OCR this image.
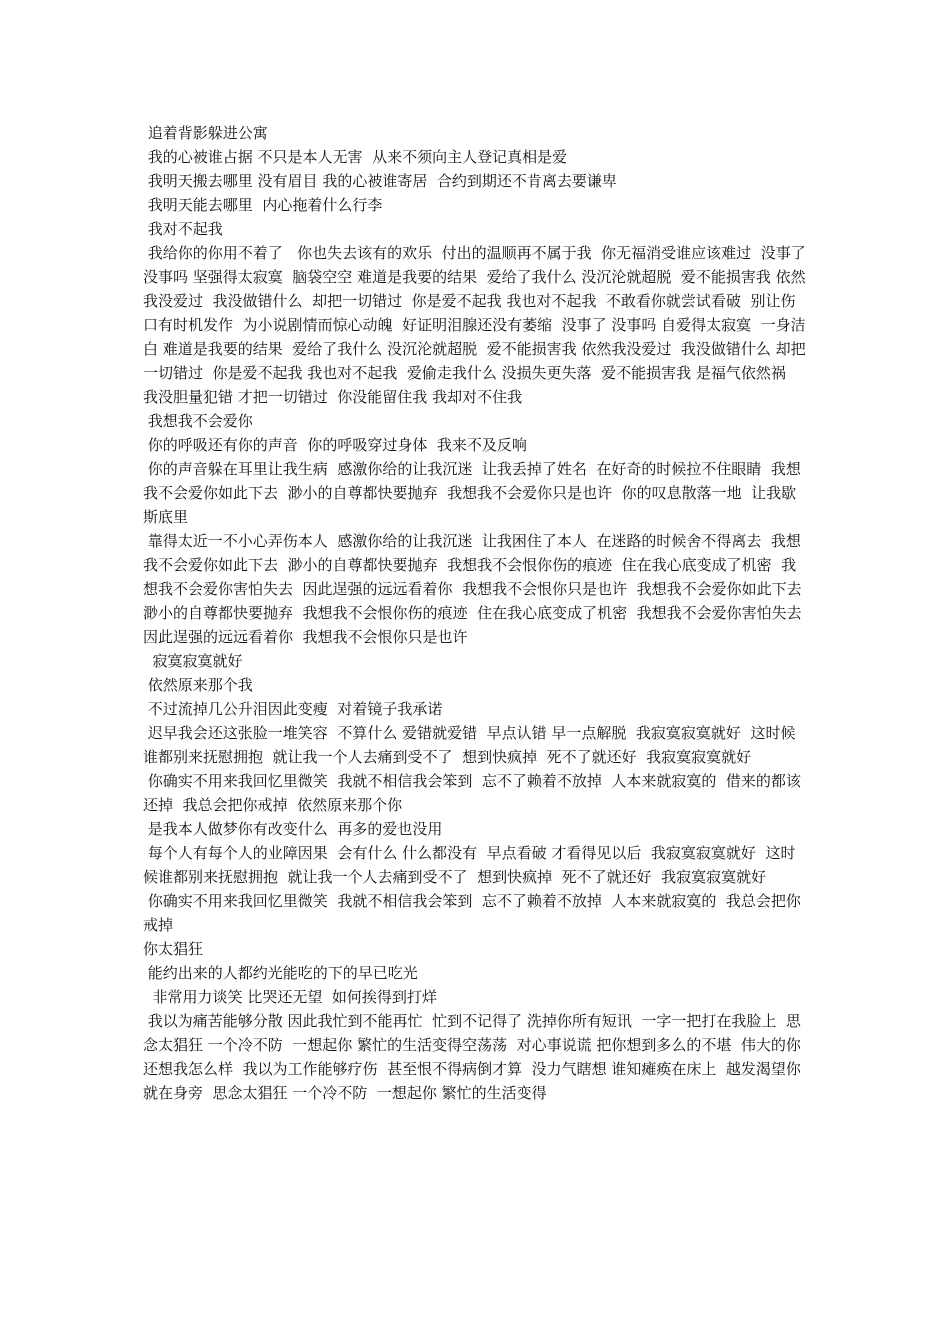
追着背影躲进公寓

我的心被谁占据 不只是本人无害  从来不须向主人登记真相是爱

我明天搬去哪里 没有眉目 我的心被谁寄居  合约到期还不肯离去要谦卑

我明天能去哪里  内心拖着什么行李

我对不起我

我给你的你用不着了   你也失去该有的欢乐  付出的温顺再不属于我  你无福消受谁应该难过  没事了 没事吗 坚强得太寂寞  脑袋空空 难道是我要的结果  爱给了我什么 没沉沦就超脱  爱不能损害我 依然我没爱过  我没做错什么  却把一切错过  你是爱不起我 我也对不起我  不敢看你就尝试看破  别让伤口有时机发作  为小说剧情而惊心动魄  好证明泪腺还没有萎缩  没事了 没事吗 自爱得太寂寞  一身洁白 难道是我要的结果  爱给了我什么 没沉沦就超脱  爱不能损害我 依然我没爱过  我没做错什么 却把一切错过  你是爱不起我 我也对不起我  爱偷走我什么 没损失更失落  爱不能损害我 是福气依然祸  我没胆量犯错 才把一切错过  你没能留住我 我却对不住我

我想我不会爱你

你的呼吸还有你的声音  你的呼吸穿过身体  我来不及反响

你的声音躲在耳里让我生病  感激你给的让我沉迷  让我丢掉了姓名  在好奇的时候拉不住眼睛  我想我不会爱你如此下去  渺小的自尊都快要抛弃  我想我不会爱你只是也许  你的叹息散落一地  让我歇斯底里

靠得太近一不小心弄伤本人  感激你给的让我沉迷  让我困住了本人  在迷路的时候舍不得离去  我想我不会爱你如此下去  渺小的自尊都快要抛弃  我想我不会恨你伤的痕迹  住在我心底变成了机密  我想我不会爱你害怕失去  因此逞强的远远看着你  我想我不会恨你只是也许  我想我不会爱你如此下去  渺小的自尊都快要抛弃  我想我不会恨你伤的痕迹  住在我心底变成了机密  我想我不会爱你害怕失去  因此逞强的远远看着你  我想我不会恨你只是也许

寂寞寂寞就好

依然原来那个我

不过流掉几公升泪因此变瘦  对着镜子我承诺

迟早我会还这张脸一堆笑容  不算什么 爱错就爱错  早点认错 早一点解脱  我寂寞寂寞就好  这时候谁都别来抚慰拥抱  就让我一个人去痛到受不了  想到快疯掉  死不了就还好  我寂寞寂寞就好

你确实不用来我回忆里微笑  我就不相信我会笨到  忘不了赖着不放掉  人本来就寂寞的  借来的都该还掉  我总会把你戒掉  依然原来那个你

是我本人做梦你有改变什么  再多的爱也没用

每个人有每个人的业障因果  会有什么 什么都没有  早点看破 才看得见以后  我寂寞寂寞就好  这时候谁都别来抚慰拥抱  就让我一个人去痛到受不了  想到快疯掉  死不了就还好  我寂寞寂寞就好

你确实不用来我回忆里微笑  我就不相信我会笨到  忘不了赖着不放掉  人本来就寂寞的  我总会把你戒掉

你太猖狂

能约出来的人都约光能吃的下的早已吃光

非常用力谈笑 比哭还无望  如何挨得到打烊

我以为痛苦能够分散 因此我忙到不能再忙  忙到不记得了 洗掉你所有短讯  一字一把打在我脸上  思念太猖狂 一个冷不防  一想起你 繁忙的生活变得空荡荡  对心事说谎 把你想到多么的不堪  伟大的你 还想我怎么样  我以为工作能够疗伤  甚至恨不得病倒才算  没力气瞎想 谁知瘫痪在床上  越发渴望你就在身旁  思念太猖狂 一个冷不防  一想起你 繁忙的生活变得
